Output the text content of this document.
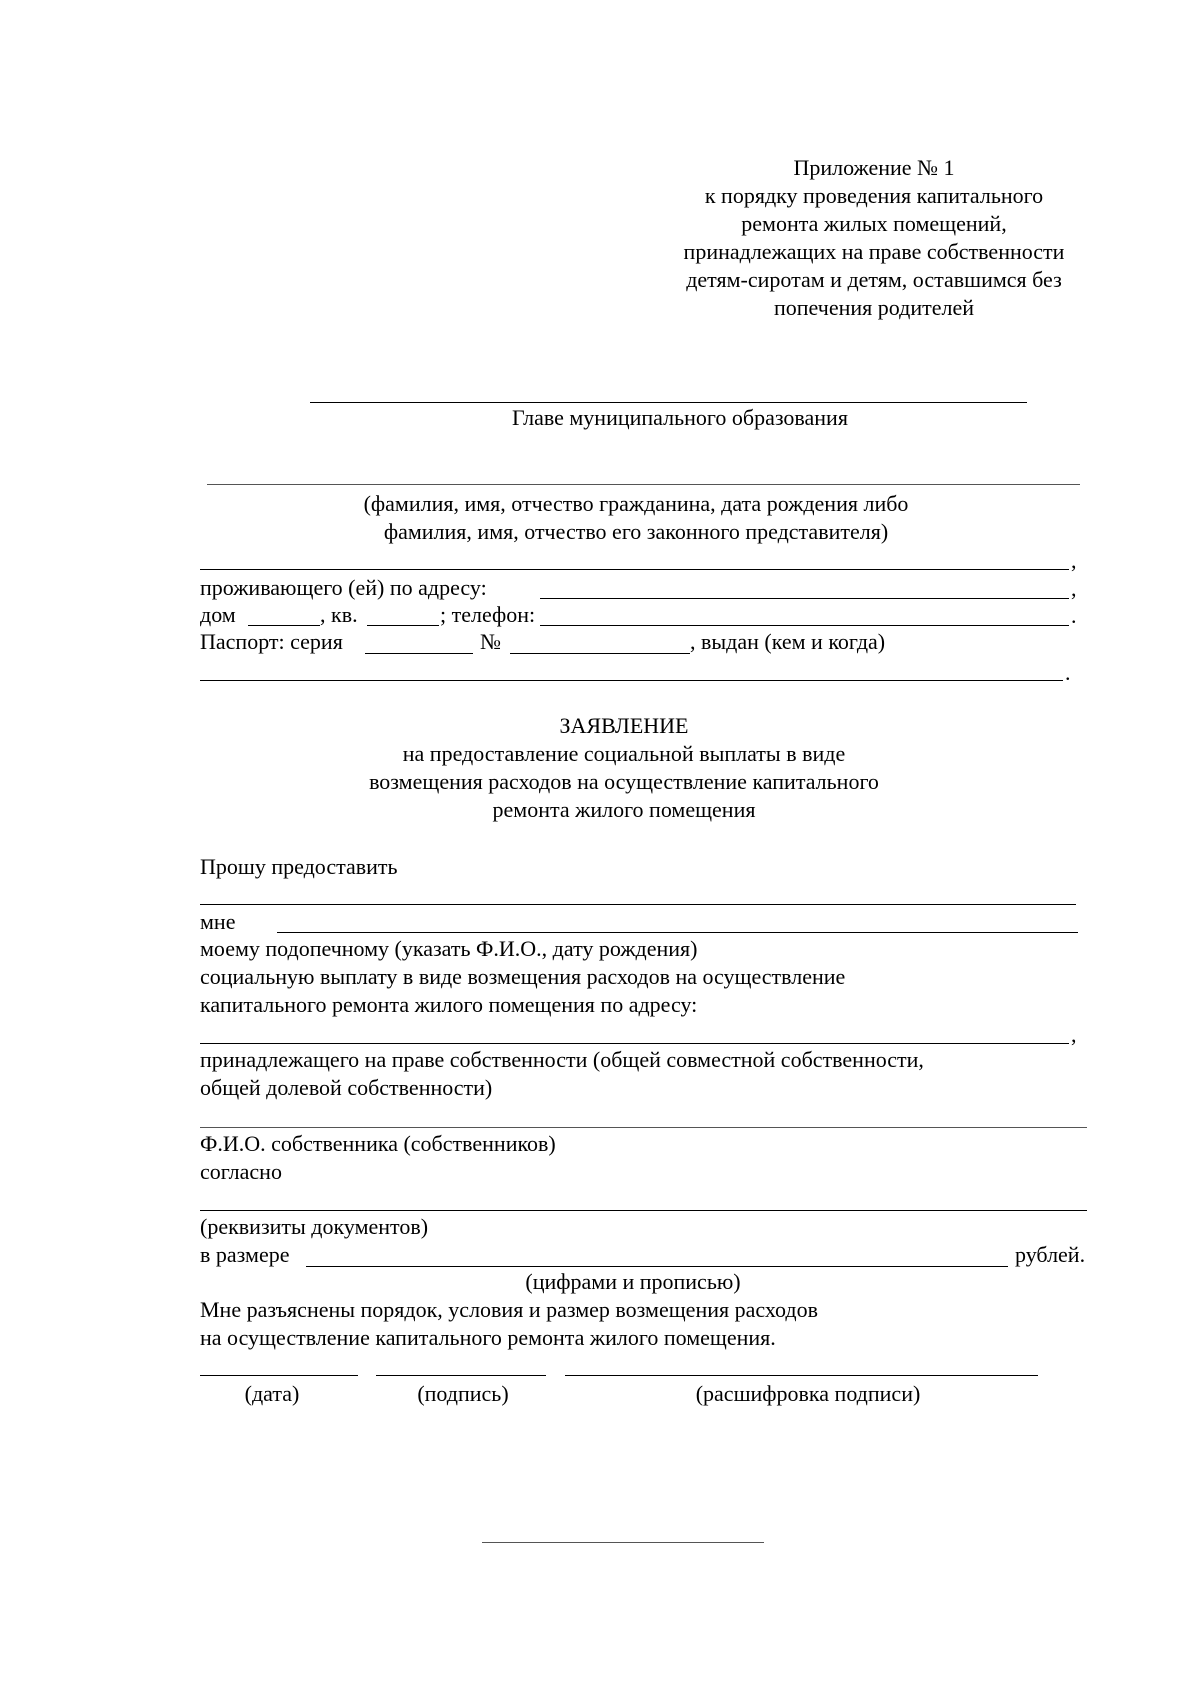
Приложение № 1
к порядку проведения капитального
ремонта жилых помещений,
принадлежащих на праве собственности
детям-сиротам и детям, оставшимся без
попечения родителей
Главе муниципального образования
(фамилия, имя, отчество гражданина, дата рождения либо
фамилия, имя, отчество его законного представителя)
,
проживающего (ей) по адресу:	,
дом	, кв.	; телефон:	.
Паспорт: серия	№	, выдан (кем и когда)
.
ЗАЯВЛЕНИЕ
на предоставление социальной выплаты в виде
возмещения расходов на осуществление капитального
ремонта жилого помещения
Прошу предоставить
мне
моему подопечному (указать Ф.И.О., дату рождения)
социальную выплату в виде возмещения расходов на осуществление
капитального ремонта жилого помещения по адресу:
,
принадлежащего на праве собственности (общей совместной собственности,
общей долевой собственности)
Ф.И.О. собственника (собственников)
согласно
(реквизиты документов)
в размере	рублей.
(цифрами и прописью)
Мне разъяснены порядок, условия и размер возмещения расходов
на осуществление капитального ремонта жилого помещения.
(дата)	(подпись)	(расшифровка подписи)
